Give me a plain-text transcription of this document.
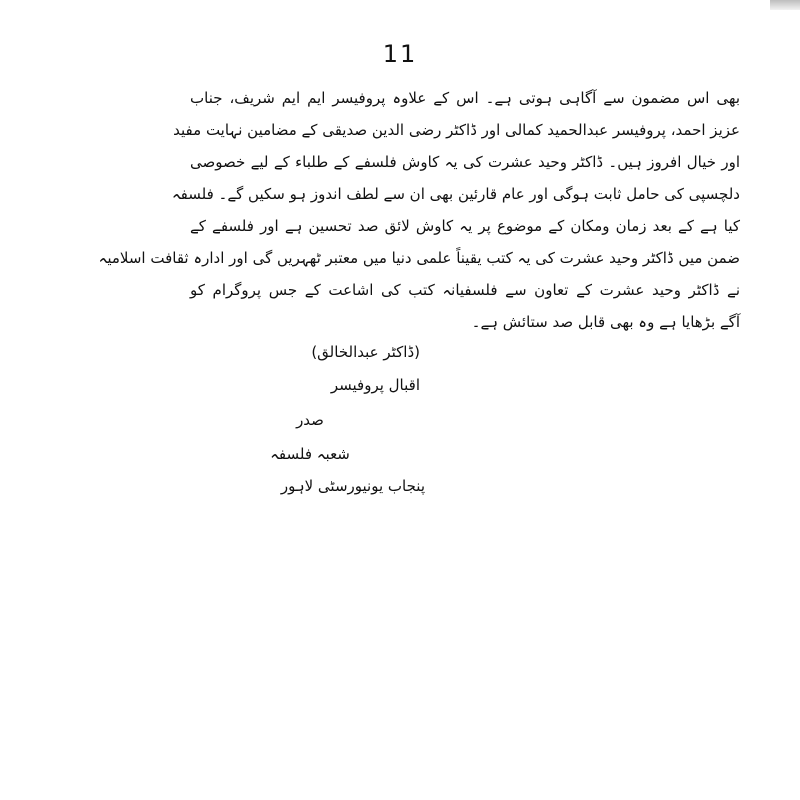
11
بھی اس مضمون سے آگاہی ہوتی ہے۔ اس کے علاوہ پروفیسر ایم ایم شریف، جناب
عزیز احمد، پروفیسر عبدالحمید کمالی اور ڈاکٹر رضی الدین صدیقی کے مضامین نہایت مفید
اور خیال افروز ہیں۔ ڈاکٹر وحید عشرت کی یہ کاوش فلسفے کے طلباء کے لیے خصوصی
دلچسپی کی حامل ثابت ہوگی اور عام قارئین بھی ان سے لطف اندوز ہو سکیں گے۔ فلسفہ
کیا ہے کے بعد زمان ومکان کے موضوع پر یہ کاوش لائق صد تحسین ہے اور فلسفے کے
ضمن میں ڈاکٹر وحید عشرت کی یہ کتب یقیناً علمی دنیا میں معتبر ٹھہریں گی اور ادارہ ثقافت اسلامیہ
نے ڈاکٹر وحید عشرت کے تعاون سے فلسفیانہ کتب کی اشاعت کے جس پروگرام کو
آگے بڑھایا ہے وہ بھی قابل صد ستائش ہے۔
(ڈاکٹر عبدالخالق)
اقبال پروفیسر
صدر
شعبہ فلسفہ
پنجاب یونیورسٹی لاہور
